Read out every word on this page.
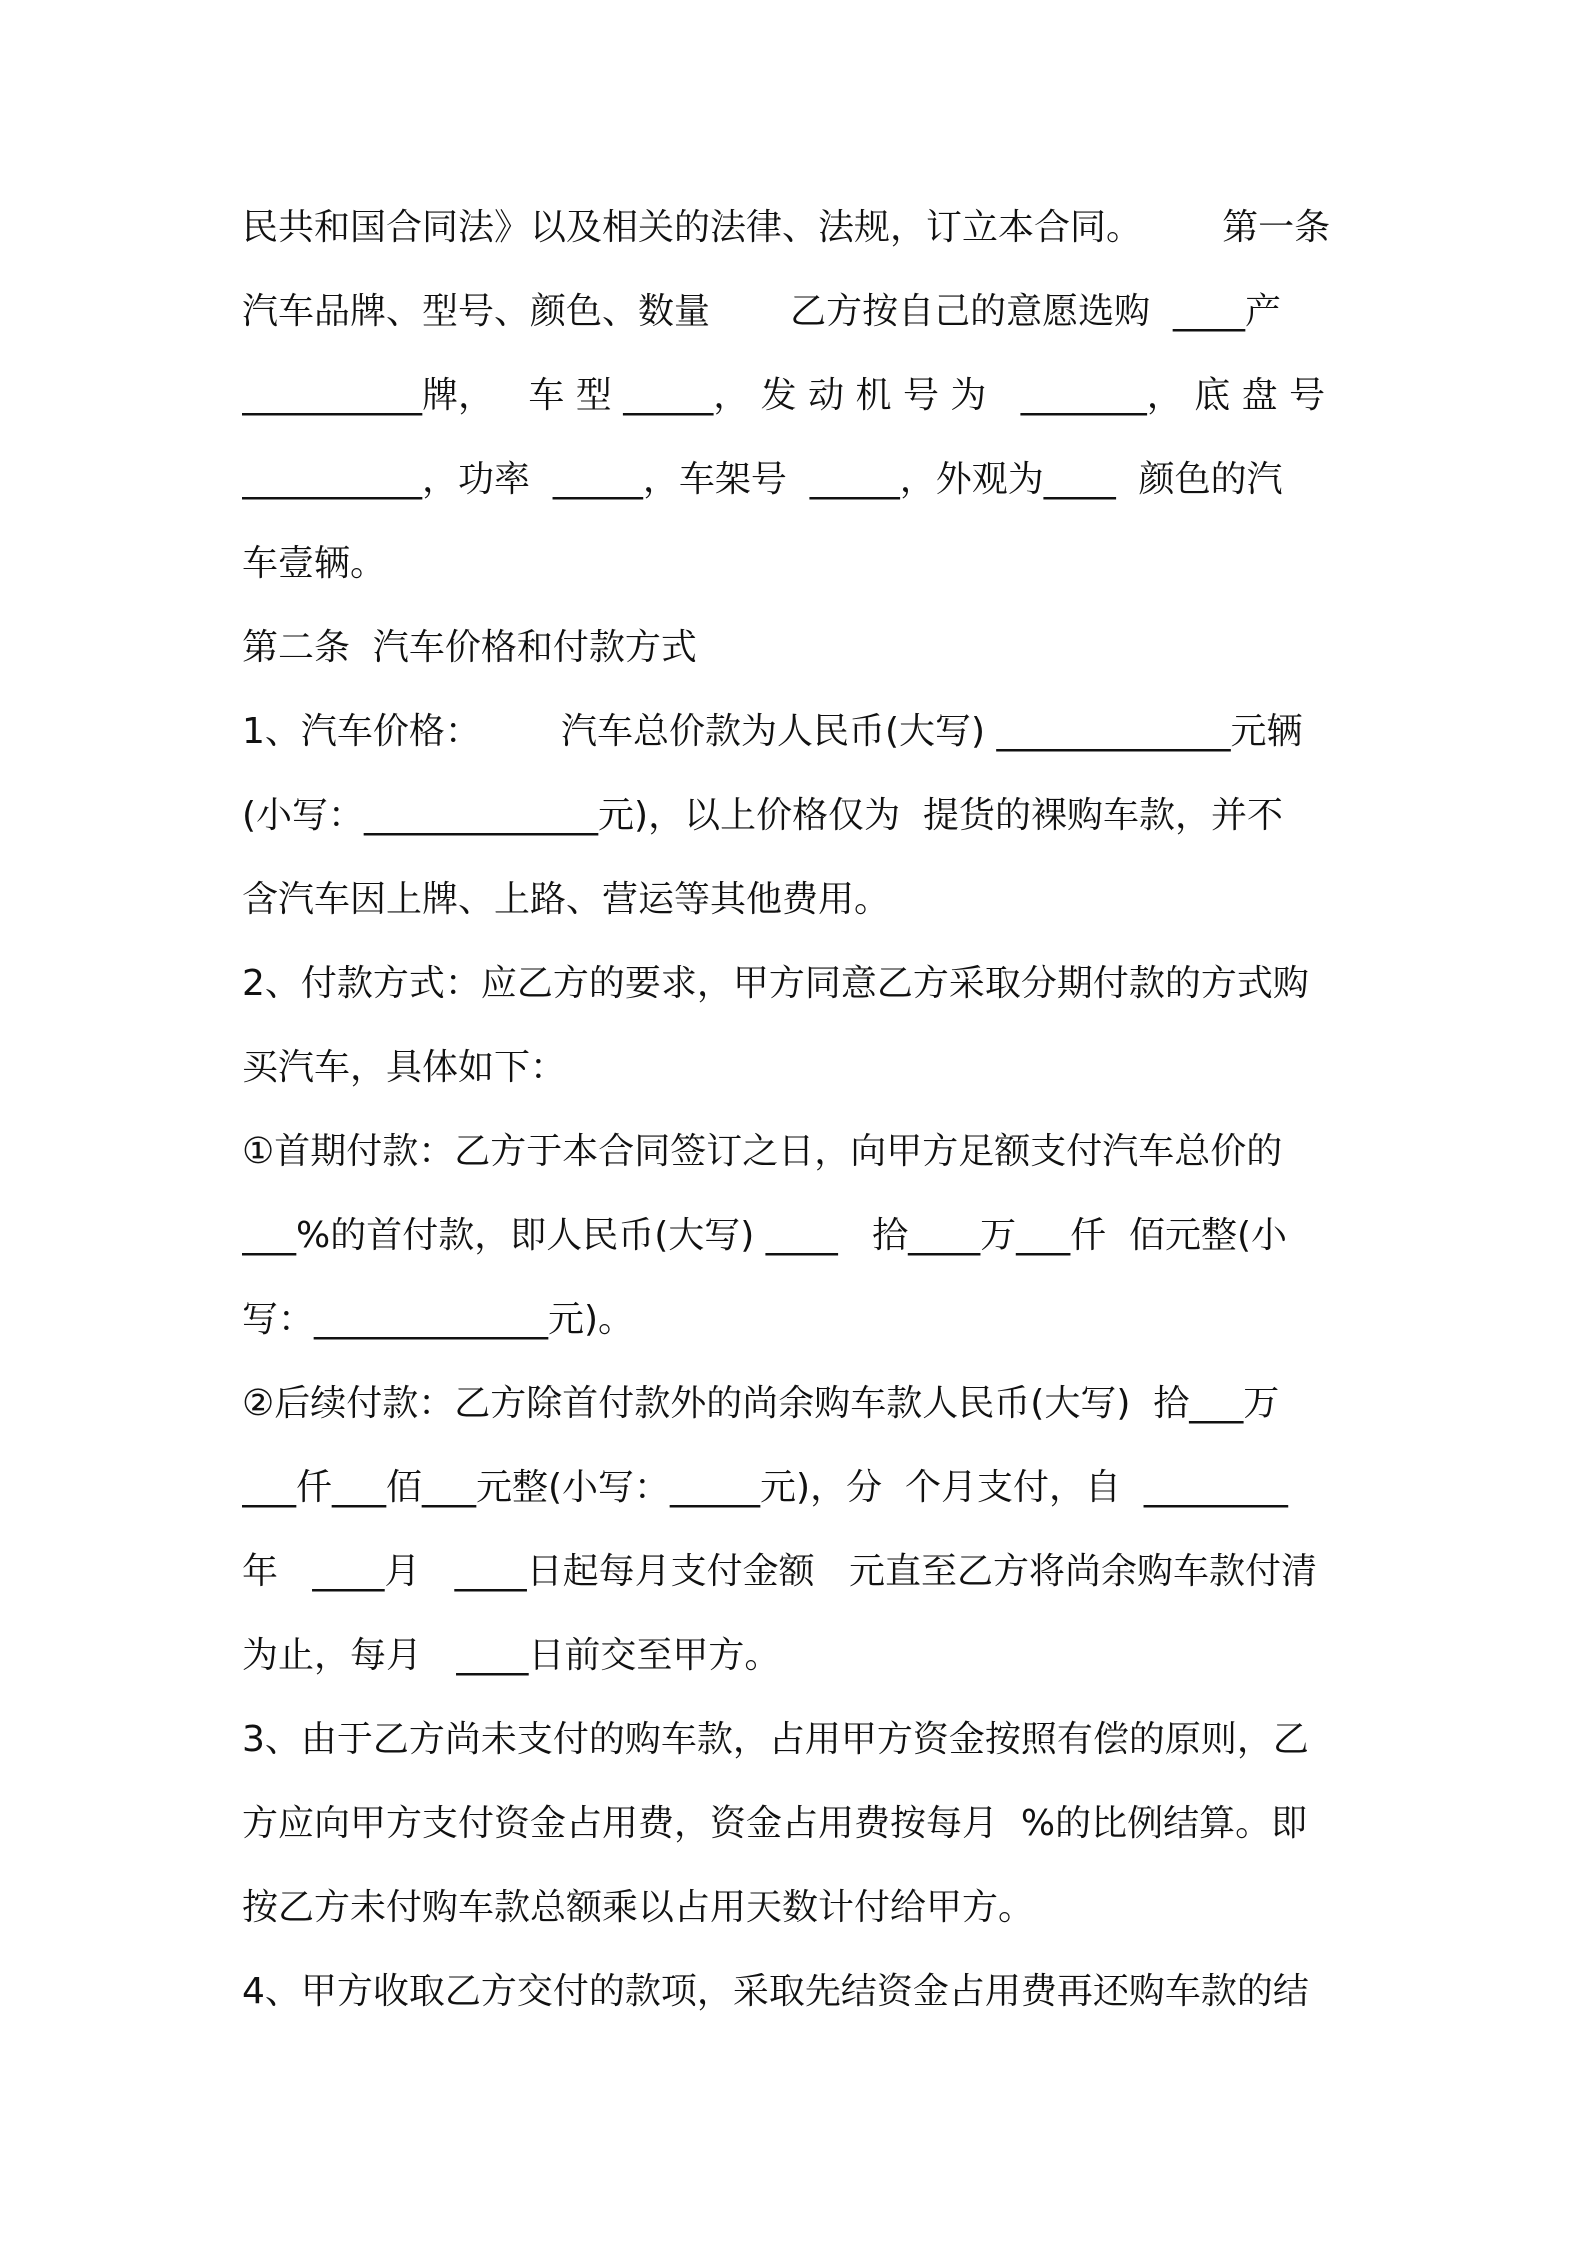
民共和国合同法》以及相关的法律、法规，订立本合同。       第一条
汽车品牌、型号、颜色、数量       乙方按自己的意愿选购  ____产
__________牌，   车 型 _____， 发 动 机 号 为   _______， 底 盘 号
__________，功率  _____，车架号  _____，外观为____  颜色的汽
车壹辆。
第二条  汽车价格和付款方式
1、汽车价格：       汽车总价款为人民币(大写) _____________元辆
(小写：_____________元)，以上价格仅为  提货的裸购车款，并不
含汽车因上牌、上路、营运等其他费用。
2、付款方式：应乙方的要求，甲方同意乙方采取分期付款的方式购
买汽车，具体如下：
①首期付款：乙方于本合同签订之日，向甲方足额支付汽车总价的
___%的首付款，即人民币(大写) ____   拾____万___仟  佰元整(小
写：_____________元)。
②后续付款：乙方除首付款外的尚余购车款人民币(大写)  拾___万
___仟___佰___元整(小写：_____元)，分  个月支付，自  ________
年   ____月   ____日起每月支付金额   元直至乙方将尚余购车款付清
为止，每月   ____日前交至甲方。
3、由于乙方尚未支付的购车款，占用甲方资金按照有偿的原则，乙
方应向甲方支付资金占用费，资金占用费按每月  %的比例结算。即
按乙方未付购车款总额乘以占用天数计付给甲方。
4、甲方收取乙方交付的款项，采取先结资金占用费再还购车款的结
